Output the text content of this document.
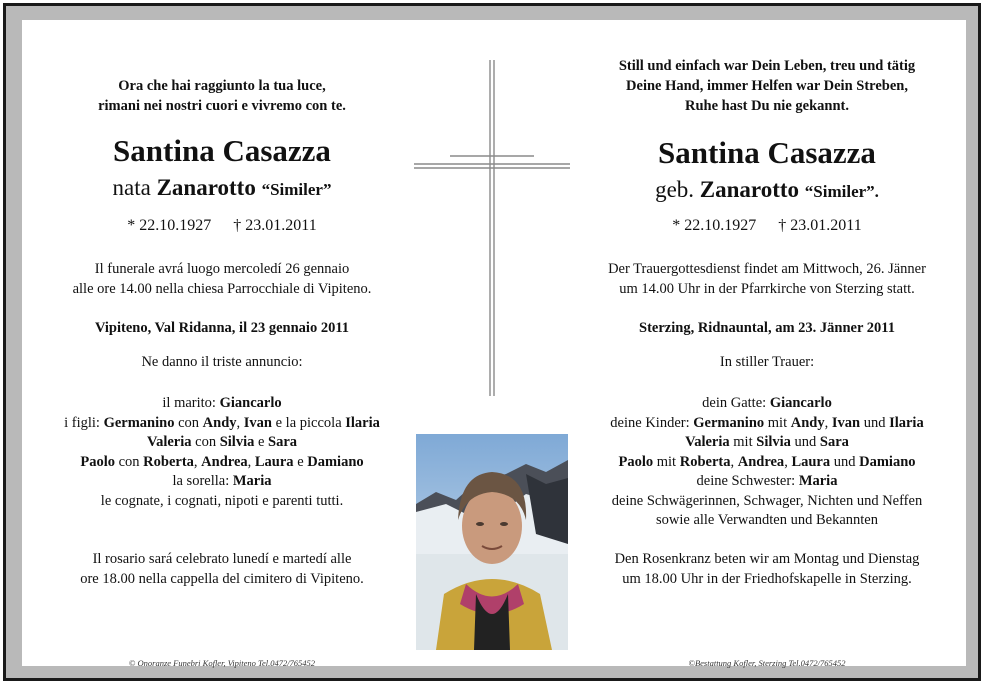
Ora che hai raggiunto la tua luce,
rimani nei nostri cuori e vivremo con te.
Santina Casazza
nata Zanarotto “Similer”
* 22.10.1927 † 23.01.2011
Il funerale avrá luogo mercoledí 26 gennaio
alle ore 14.00 nella chiesa Parrocchiale di Vipiteno.
Vipiteno, Val Ridanna, il 23 gennaio 2011
Ne danno il triste annuncio:
il marito: Giancarlo
i figli: Germanino con Andy, Ivan e la piccola Ilaria
Valeria con Silvia e Sara
Paolo con Roberta, Andrea, Laura e Damiano
la sorella: Maria
le cognate, i cognati, nipoti e parenti tutti.
Il rosario sará celebrato lunedí e martedí alle
ore 18.00 nella cappella del cimitero di Vipiteno.
© Onoranze Funebri Kofler, Vipiteno Tel.0472/765452
Still und einfach war Dein Leben, treu und tätig
Deine Hand, immer Helfen war Dein Streben,
Ruhe hast Du nie gekannt.
Santina Casazza
geb. Zanarotto “Similer”.
* 22.10.1927 † 23.01.2011
Der Trauergottesdienst findet am Mittwoch, 26. Jänner
um 14.00 Uhr in der Pfarrkirche von Sterzing statt.
Sterzing, Ridnauntal, am 23. Jänner 2011
In stiller Trauer:
dein Gatte: Giancarlo
deine Kinder: Germanino mit Andy, Ivan und Ilaria
Valeria mit Silvia und Sara
Paolo mit Roberta, Andrea, Laura und Damiano
deine Schwester: Maria
deine Schwägerinnen, Schwager, Nichten und Neffen
sowie alle Verwandten und Bekannten
Den Rosenkranz beten wir am Montag und Dienstag
um 18.00 Uhr in der Friedhofskapelle in Sterzing.
©Bestattung Kofler, Sterzing Tel.0472/765452
